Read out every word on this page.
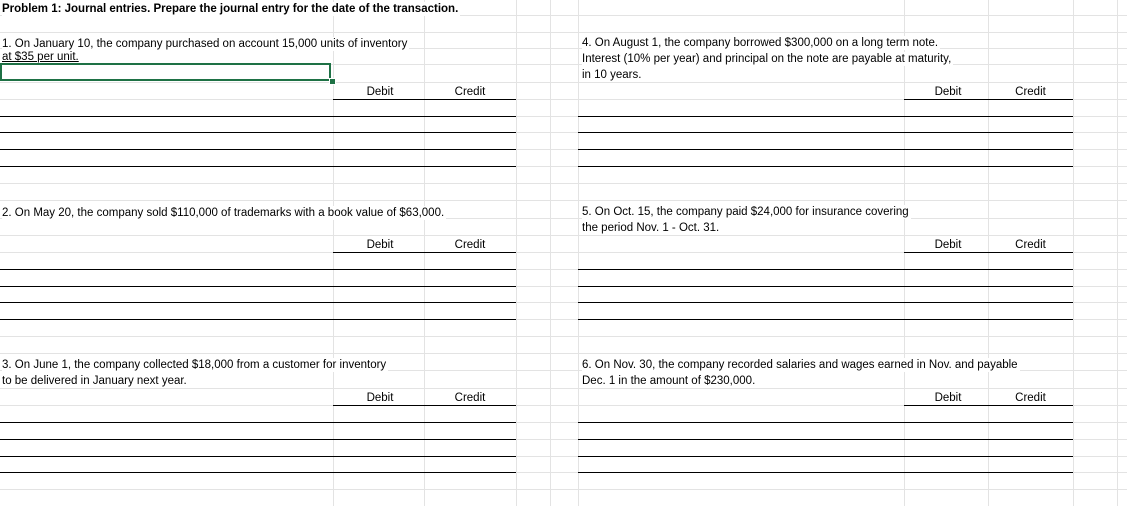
Problem 1: Journal entries. Prepare the journal entry for the date of the transaction.
1. On January 10, the company purchased on account 15,000 units of inventory
at $35 per unit.
2. On May 20, the company sold $110,000 of trademarks with a book value of $63,000.
3. On June 1, the company collected $18,000 from a customer for inventory
to be delivered in January next year.
4. On August 1, the company borrowed $300,000 on a long term note.
Interest (10% per year) and principal on the note are payable at maturity,
in 10 years.
5. On Oct. 15, the company paid $24,000 for insurance covering
the period Nov. 1 - Oct. 31.
6. On Nov. 30, the company recorded salaries and wages earned in Nov. and payable
Dec. 1 in the amount of $230,000.
Debit	Credit
Debit	Credit
Debit	Credit
Debit	Credit
Debit	Credit
Debit	Credit
